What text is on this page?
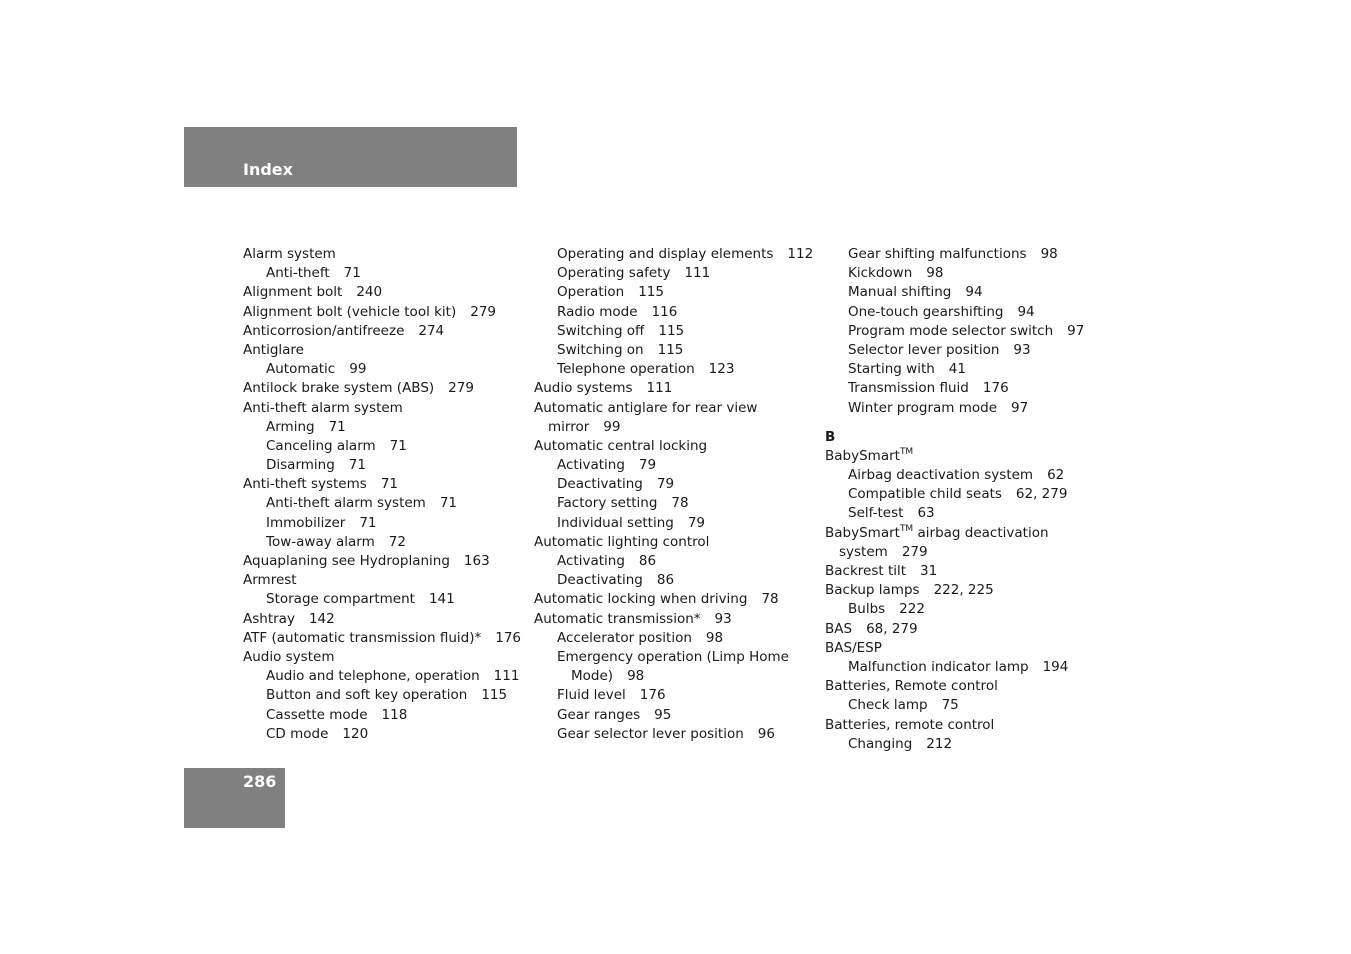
Index
Alarm system
Anti-theft 71
Alignment bolt 240
Alignment bolt (vehicle tool kit) 279
Anticorrosion/antifreeze 274
Antiglare
Automatic 99
Antilock brake system (ABS) 279
Anti-theft alarm system
Arming 71
Canceling alarm 71
Disarming 71
Anti-theft systems 71
Anti-theft alarm system 71
Immobilizer 71
Tow-away alarm 72
Aquaplaning see Hydroplaning 163
Armrest
Storage compartment 141
Ashtray 142
ATF (automatic transmission fluid)* 176
Audio system
Audio and telephone, operation 111
Button and soft key operation 115
Cassette mode 118
CD mode 120
Operating and display elements 112
Operating safety 111
Operation 115
Radio mode 116
Switching off 115
Switching on 115
Telephone operation 123
Audio systems 111
Automatic antiglare for rear view
mirror 99
Automatic central locking
Activating 79
Deactivating 79
Factory setting 78
Individual setting 79
Automatic lighting control
Activating 86
Deactivating 86
Automatic locking when driving 78
Automatic transmission* 93
Accelerator position 98
Emergency operation (Limp Home
Mode) 98
Fluid level 176
Gear ranges 95
Gear selector lever position 96
Gear shifting malfunctions 98
Kickdown 98
Manual shifting 94
One-touch gearshifting 94
Program mode selector switch 97
Selector lever position 93
Starting with 41
Transmission fluid 176
Winter program mode 97
B
BabySmart™
Airbag deactivation system 62
Compatible child seats 62, 279
Self-test 63
BabySmart™ airbag deactivation
system 279
Backrest tilt 31
Backup lamps 222, 225
Bulbs 222
BAS 68, 279
BAS/ESP
Malfunction indicator lamp 194
Batteries, Remote control
Check lamp 75
Batteries, remote control
Changing 212
286
